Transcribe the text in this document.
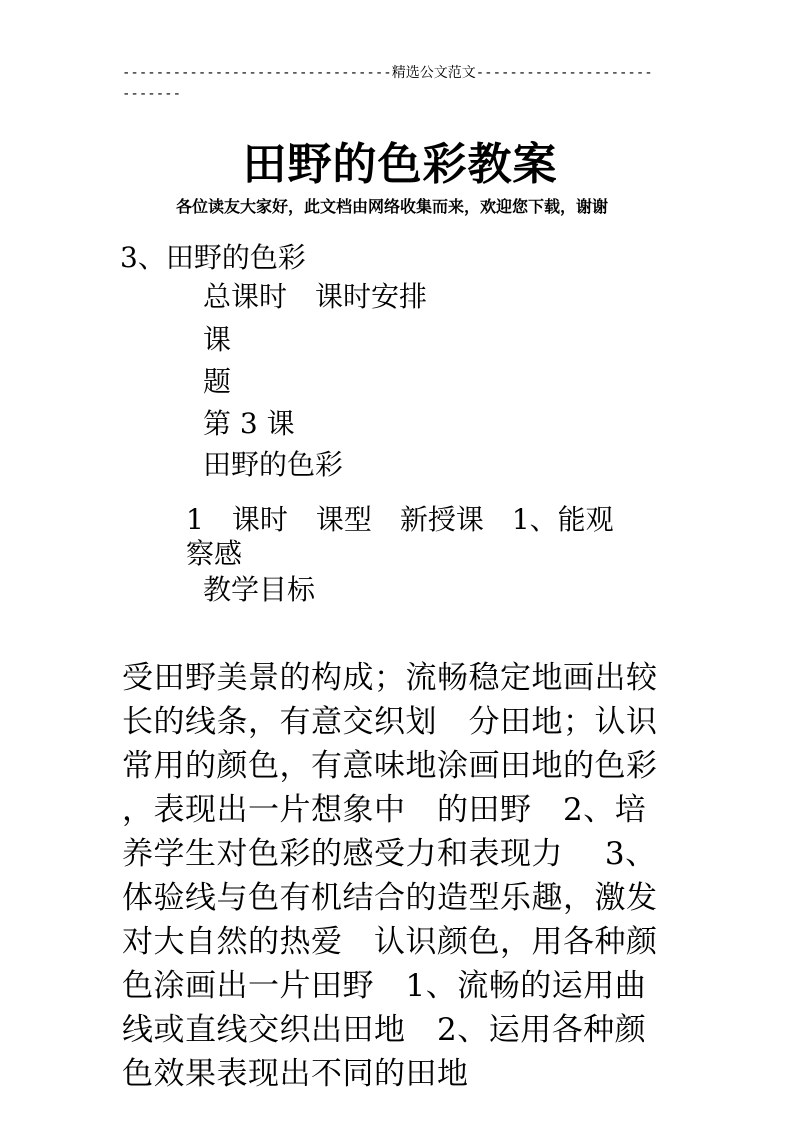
--------------------------------精选公文范文---------------------
-------
田野的色彩教案
各位读友大家好，此文档由网络收集而来，欢迎您下载，谢谢
3、田野的色彩
总课时　课时安排
课
题
第 3 课
田野的色彩
1　课时　课型　新授课　1、能观
察感
教学目标
受田野美景的构成；流畅稳定地画出较
长的线条，有意交织划　分田地；认识
常用的颜色，有意味地涂画田地的色彩
，表现出一片想象中　的田野　2、培
养学生对色彩的感受力和表现力　 3、
体验线与色有机结合的造型乐趣，激发
对大自然的热爱　认识颜色，用各种颜
色涂画出一片田野　1、流畅的运用曲
线或直线交织出田地　2、运用各种颜
色效果表现出不同的田地
